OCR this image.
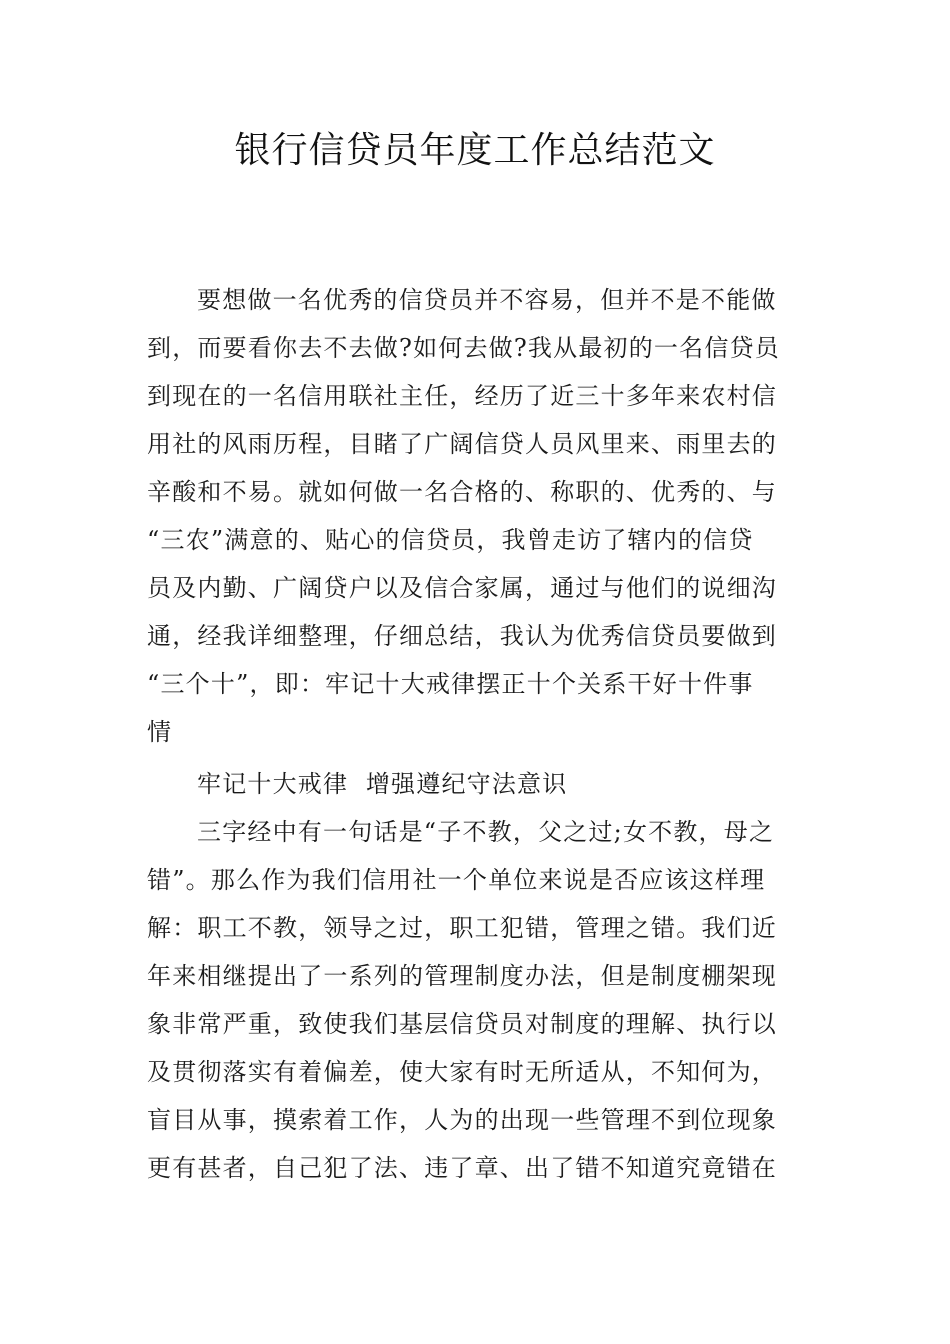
银行信贷员年度工作总结范文
要想做一名优秀的信贷员并不容易，但并不是不能做
到，而要看你去不去做?如何去做?我从最初的一名信贷员
到现在的一名信用联社主任，经历了近三十多年来农村信
用社的风雨历程，目睹了广阔信贷人员风里来、雨里去的
辛酸和不易。就如何做一名合格的、称职的、优秀的、与
“三农”满意的、贴心的信贷员，我曾走访了辖内的信贷
员及内勤、广阔贷户以及信合家属，通过与他们的说细沟
通，经我详细整理，仔细总结，我认为优秀信贷员要做到
“三个十”，即：牢记十大戒律摆正十个关系干好十件事
情
牢记十大戒律  增强遵纪守法意识
三字经中有一句话是“子不教，父之过;女不教，母之
错”。那么作为我们信用社一个单位来说是否应该这样理
解：职工不教，领导之过，职工犯错，管理之错。我们近
年来相继提出了一系列的管理制度办法，但是制度棚架现
象非常严重，致使我们基层信贷员对制度的理解、执行以
及贯彻落实有着偏差，使大家有时无所适从，不知何为，
盲目从事，摸索着工作，人为的出现一些管理不到位现象
更有甚者，自己犯了法、违了章、出了错不知道究竟错在
